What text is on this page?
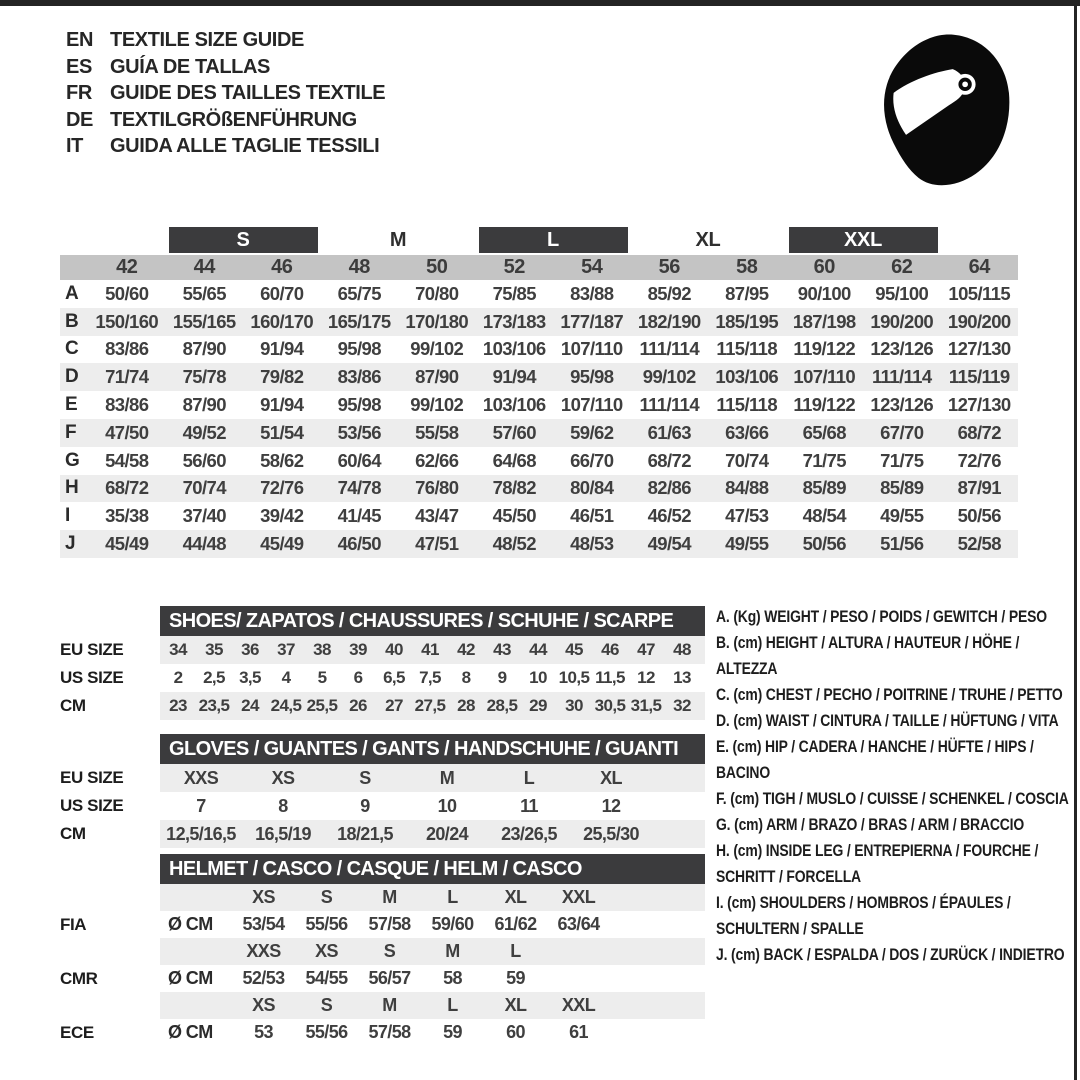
EN TEXTILE SIZE GUIDE
ES GUÍA DE TALLAS
FR GUIDE DES TAILLES TEXTILE
DE TEXTILGRÖßENFÜHRUNG
IT	GUIDA ALLE TAGLIE TESSILI
S	M	L	XL	XXL
42	44	46	48	50	52	54	56	58	60	62	64
A	50/60	55/65	60/70	65/75	70/80	75/85	83/88	85/92	87/95	90/100	95/100	105/115
B 150/160 155/165 160/170 165/175 170/180 173/183 177/187 182/190 185/195 187/198 190/200 190/200
C	83/86	87/90	91/94	95/98	99/102	103/106 107/110 111/114 115/118 119/122 123/126 127/130
D	71/74	75/78	79/82	83/86	87/90	91/94	95/98	99/102	103/106 107/110 111/114 115/119
E	83/86	87/90	91/94	95/98	99/102	103/106 107/110 111/114 115/118 119/122 123/126 127/130
F	47/50	49/52	51/54	53/56	55/58	57/60	59/62	61/63	63/66	65/68	67/70	68/72
G	54/58	56/60	58/62	60/64	62/66	64/68	66/70	68/72	70/74	71/75	71/75	72/76
H	68/72	70/74	72/76	74/78	76/80	78/82	80/84	82/86	84/88	85/89	85/89	87/91
I	35/38	37/40	39/42	41/45	43/47	45/50	46/51	46/52	47/53	48/54	49/55	50/56
J	45/49	44/48	45/49	46/50	47/51	48/52	48/53	49/54	49/55	50/56	51/56	52/58
SHOES/ ZAPATOS / CHAUSSURES / SCHUHE / SCARPE
EU SIZE	34	35	36	37	38	39	40	41	42	43	44	45	46	47	48
US SIZE	2	2,5 3,5	4	5	6	6,5 7,5	8	9	10 10,5 11,5 12	13
CM	23 23,5 24 24,5 25,5 26	27 27,5 28 28,5 29	30 30,5 31,5 32
GLOVES / GUANTES / GANTS / HANDSCHUHE / GUANTI
EU SIZE	XXS	XS	S	M	L	XL
US SIZE	7	8	9	10	11	12
CM	12,5/16,5	16,5/19	18/21,5	20/24	23/26,5	25,5/30
HELMET / CASCO / CASQUE / HELM / CASCO
XS	S	M	L	XL	XXL
FIA	Ø CM	53/54	55/56	57/58	59/60	61/62	63/64
XXS	XS	S	M	L
CMR	Ø CM	52/53	54/55	56/57	58	59
XS	S	M	L	XL	XXL
ECE	Ø CM	53	55/56	57/58	59	60	61
A. (Kg) WEIGHT / PESO / POIDS / GEWITCH / PESO
B. (cm) HEIGHT / ALTURA / HAUTEUR / HÖHE / ALTEZZA
C. (cm) CHEST / PECHO / POITRINE / TRUHE / PETTO
D. (cm) WAIST / CINTURA / TAILLE / HÜFTUNG / VITA
E. (cm) HIP / CADERA / HANCHE / HÜFTE / HIPS / BACINO
F. (cm) TIGH / MUSLO / CUISSE / SCHENKEL / COSCIA
G. (cm) ARM / BRAZO / BRAS / ARM / BRACCIO
H. (cm) INSIDE LEG / ENTREPIERNA / FOURCHE / SCHRITT / FORCELLA
I. (cm) SHOULDERS / HOMBROS / ÉPAULES / SCHULTERN / SPALLE
J. (cm) BACK / ESPALDA / DOS / ZURÜCK / INDIETRO
